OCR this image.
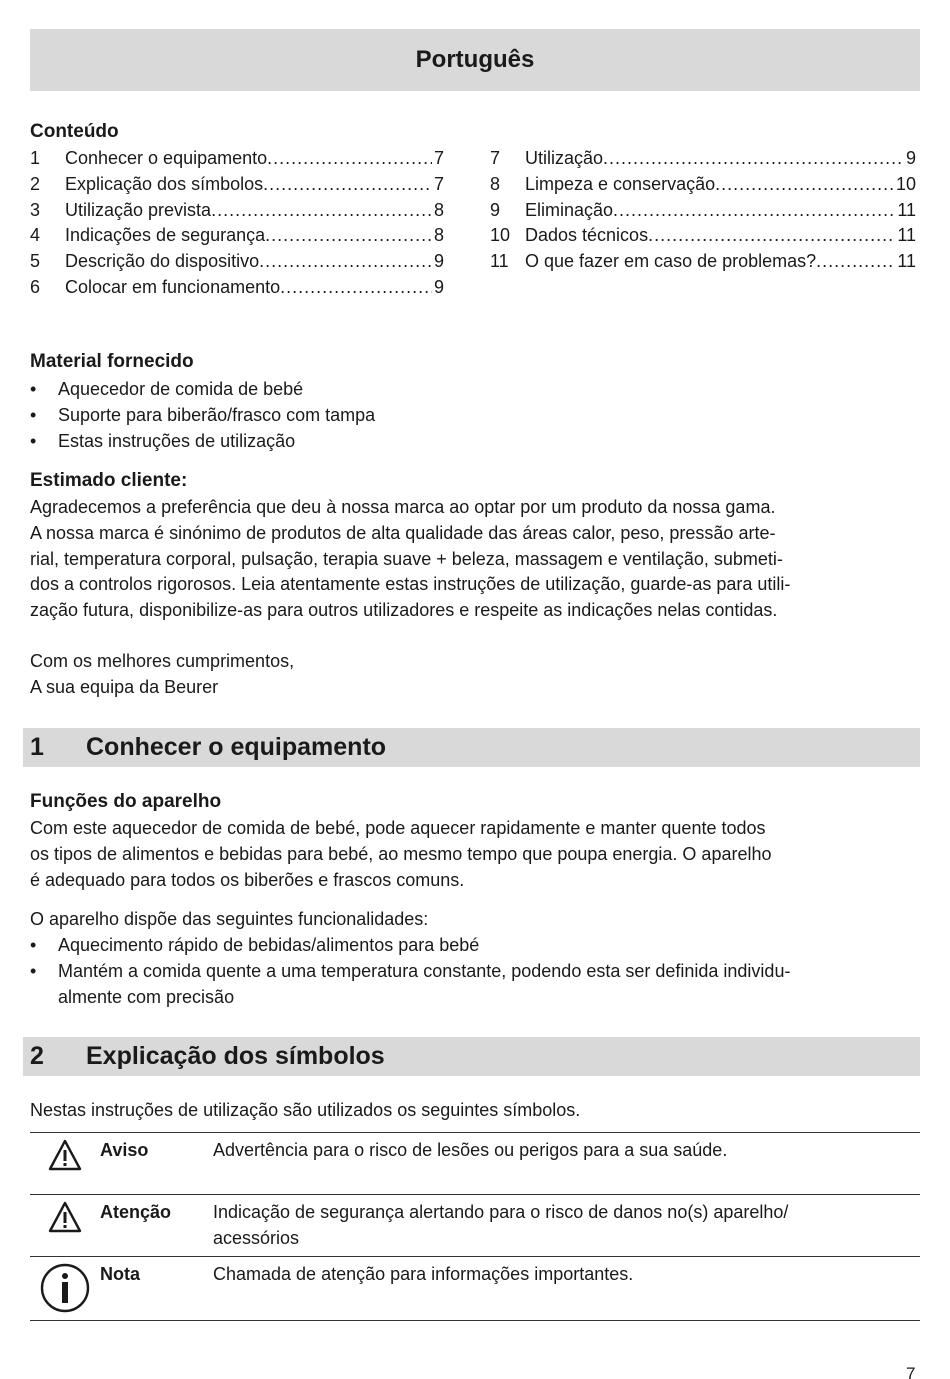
Português
Conteúdo
1	Conhecer o equipamento .....	7
2	Explicação dos símbolos .....	7
3	Utilização prevista .....	8
4	Indicações de segurança .....	8
5	Descrição do dispositivo .....	9
6	Colocar em funcionamento .....	9
7	Utilização .....	9
8	Limpeza e conservação .....	10
9	Eliminação .....	11
10 Dados técnicos .....	11
11 O que fazer em caso de problemas? .....	11
Material fornecido
•	Aquecedor de comida de bebé
•	Suporte para biberão/frasco com tampa
•	Estas instruções de utilização
Estimado cliente:
Agradecemos a preferência que deu à nossa marca ao optar por um produto da nossa gama.
A nossa marca é sinónimo de produtos de alta qualidade das áreas calor, peso, pressão arte-
rial, temperatura corporal, pulsação, terapia suave + beleza, massagem e ventilação, submeti-
dos a controlos rigorosos. Leia atentamente estas instruções de utilização, guarde-as para utili-
zação futura, disponibilize-as para outros utilizadores e respeite as indicações nelas contidas.
Com os melhores cumprimentos,
A sua equipa da Beurer
1	Conhecer o equipamento
Funções do aparelho
Com este aquecedor de comida de bebé, pode aquecer rapidamente e manter quente todos
os tipos de alimentos e bebidas para bebé, ao mesmo tempo que poupa energia. O aparelho
é adequado para todos os biberões e frascos comuns.
O aparelho dispõe das seguintes funcionalidades:
•	Aquecimento rápido de bebidas/alimentos para bebé
•	Mantém a comida quente a uma temperatura constante, podendo esta ser definida individu-
almente com precisão
2	Explicação dos símbolos
Nestas instruções de utilização são utilizados os seguintes símbolos.
Aviso	Advertência para o risco de lesões ou perigos para a sua saúde.
Atenção	Indicação de segurança alertando para o risco de danos no(s) aparelho/
acessórios
Nota	Chamada de atenção para informações importantes.
7
